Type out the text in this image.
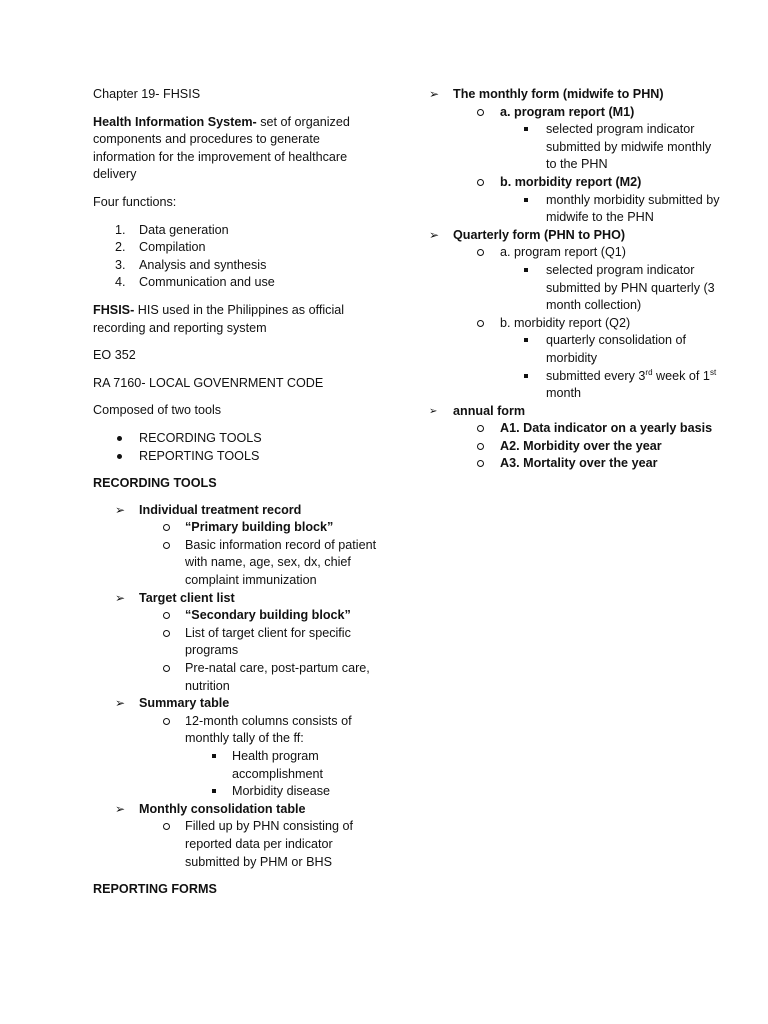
Chapter 19- FHSIS

Health Information System- set of organized components and procedures to generate information for the improvement of healthcare delivery

Four functions:

1. Data generation
2. Compilation
3. Analysis and synthesis
4. Communication and use

FHSIS- HIS used in the Philippines as official recording and reporting system

EO 352

RA 7160- LOCAL GOVENRMENT CODE

Composed of two tools

RECORDING TOOLS
REPORTING TOOLS

RECORDING TOOLS

➢ Individual treatment record
“Primary building block”
Basic information record of patient with name, age, sex, dx, chief complaint immunization
➢ Target client list
“Secondary building block”
List of target client for specific programs
Pre-natal care, post-partum care, nutrition
➢ Summary table
12-month columns consists of monthly tally of the ff:
Health program accomplishment
Morbidity disease
➢ Monthly consolidation table
Filled up by PHN consisting of reported data per indicator submitted by PHM or BHS

REPORTING FORMS

➢ The monthly form (midwife to PHN)
a. program report (M1)
selected program indicator submitted by midwife monthly to the PHN
b. morbidity report (M2)
monthly morbidity submitted by midwife to the PHN
➢ Quarterly form (PHN to PHO)
a. program report (Q1)
selected program indicator submitted by PHN quarterly (3 month collection)
b. morbidity report (Q2)
quarterly consolidation of morbidity
submitted every 3rd week of 1st month
➢ annual form
A1. Data indicator on a yearly basis
A2. Morbidity over the year
A3. Mortality over the year
